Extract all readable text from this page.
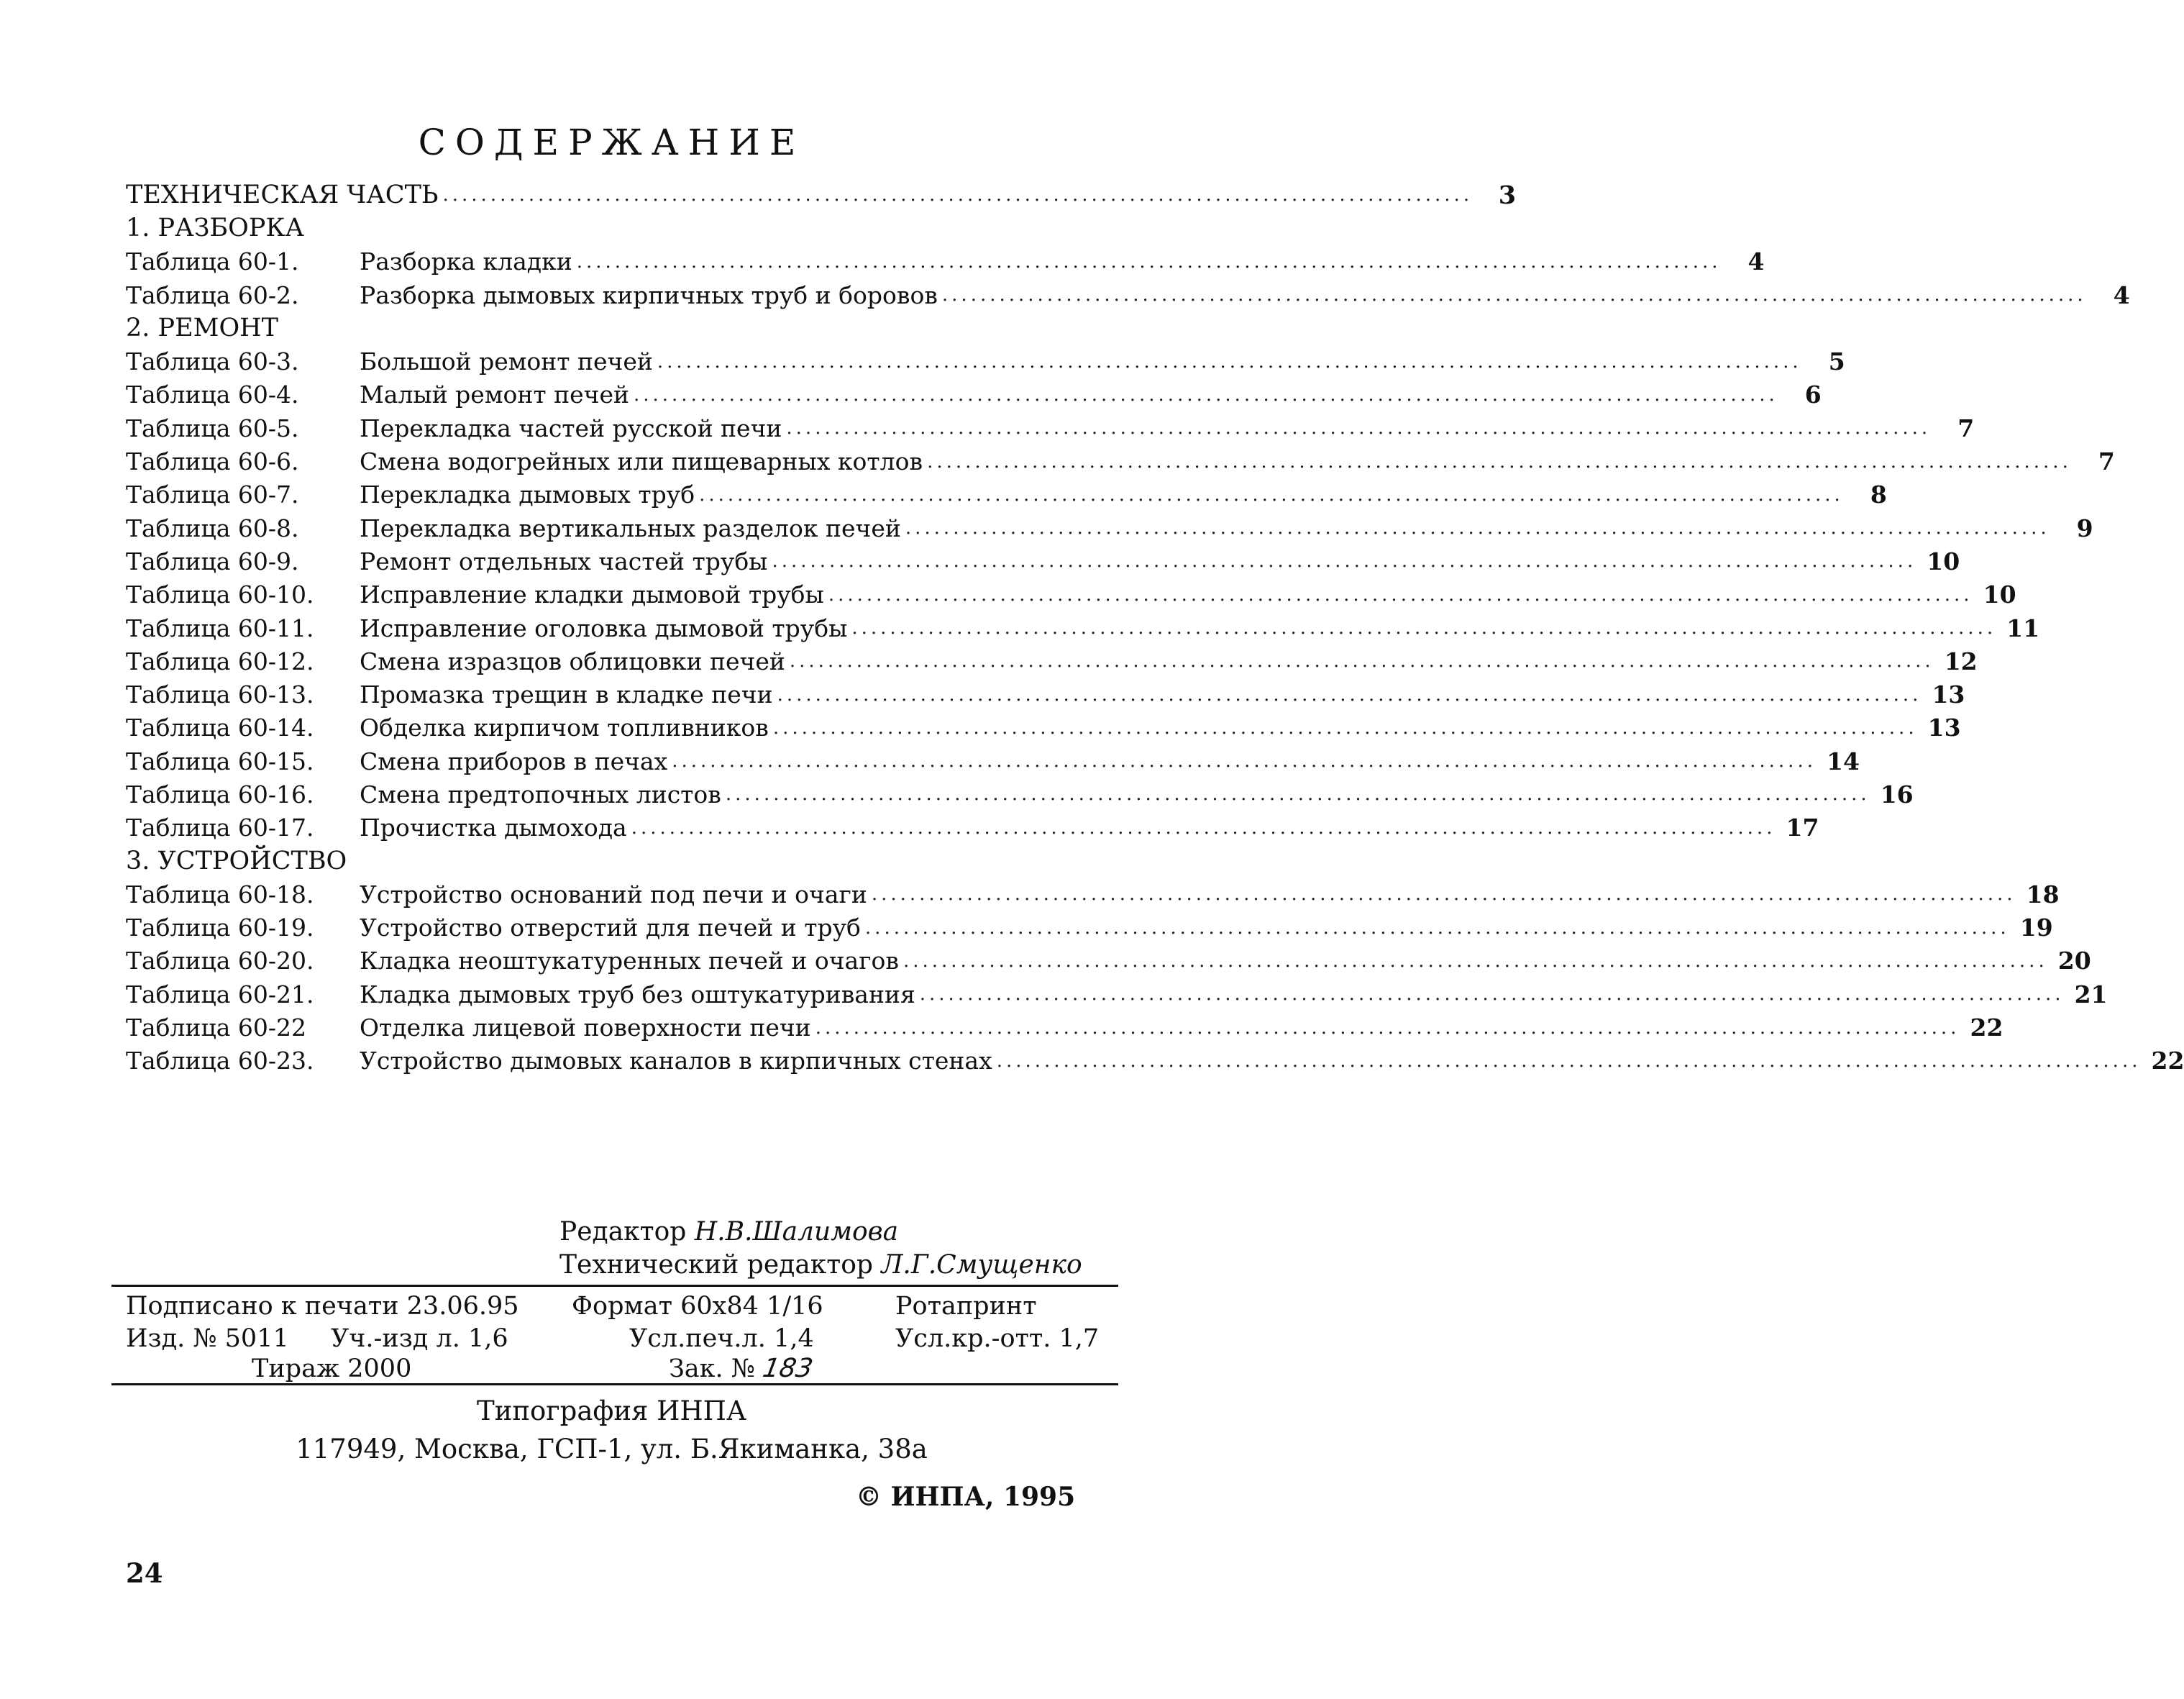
СОДЕРЖАНИЕ
ТЕХНИЧЕСКАЯ ЧАСТЬ ............................................................................................................	3
1. РАЗБОРКА
Таблица 60-1.	Разборка кладки ........................................................................................................................	4
Таблица 60-2.	Разборка дымовых кирпичных труб и боровов ........................................................................................................................	4
2. РЕМОНТ
Таблица 60-3.	Большой ремонт печей ........................................................................................................................	5
Таблица 60-4.	Малый ремонт печей ........................................................................................................................	6
Таблица 60-5.	Перекладка частей русской печи ........................................................................................................................	7
Таблица 60-6.	Смена водогрейных или пищеварных котлов ........................................................................................................................	7
Таблица 60-7.	Перекладка дымовых труб ........................................................................................................................	8
Таблица 60-8.	Перекладка вертикальных разделок печей ........................................................................................................................	9
Таблица 60-9.	Ремонт отдельных частей трубы ........................................................................................................................ 10
Таблица 60-10.	Исправление кладки дымовой трубы ........................................................................................................................ 10
Таблица 60-11.	Исправление оголовка дымовой трубы ........................................................................................................................ 11
Таблица 60-12.	Смена изразцов облицовки печей ........................................................................................................................ 12
Таблица 60-13.	Промазка трещин в кладке печи ........................................................................................................................ 13
Таблица 60-14.	Обделка кирпичом топливников ........................................................................................................................ 13
Таблица 60-15.	Смена приборов в печах ........................................................................................................................ 14
Таблица 60-16.	Смена предтопочных листов ........................................................................................................................ 16
Таблица 60-17.	Прочистка дымохода ........................................................................................................................ 17
3. УСТРОЙСТВО
Таблица 60-18.	Устройство оснований под печи и очаги ........................................................................................................................ 18
Таблица 60-19.	Устройство отверстий для печей и труб ........................................................................................................................ 19
Таблица 60-20.	Кладка неоштукатуренных печей и очагов ........................................................................................................................ 20
Таблица 60-21.	Кладка дымовых труб без оштукатуривания ........................................................................................................................ 21
Таблица 60-22	Отделка лицевой поверхности печи ........................................................................................................................ 22
Таблица 60-23.	Устройство дымовых каналов в кирпичных стенах ........................................................................................................................ 22
Редактор Н.В.Шалимова
Технический редактор Л.Г.Смущенко
Подписано к печати 23.06.95 Формат 60x84 1/16	Ротапринт
Изд. № 5011 Уч.-изд л. 1,6	Усл.печ.л. 1,4	Усл.кр.-отт. 1,7
Тираж 2000	Зак. № 183
Типография ИНПА
117949, Москва, ГСП-1, ул. Б.Якиманка, 38а
© ИНПА, 1995
24
